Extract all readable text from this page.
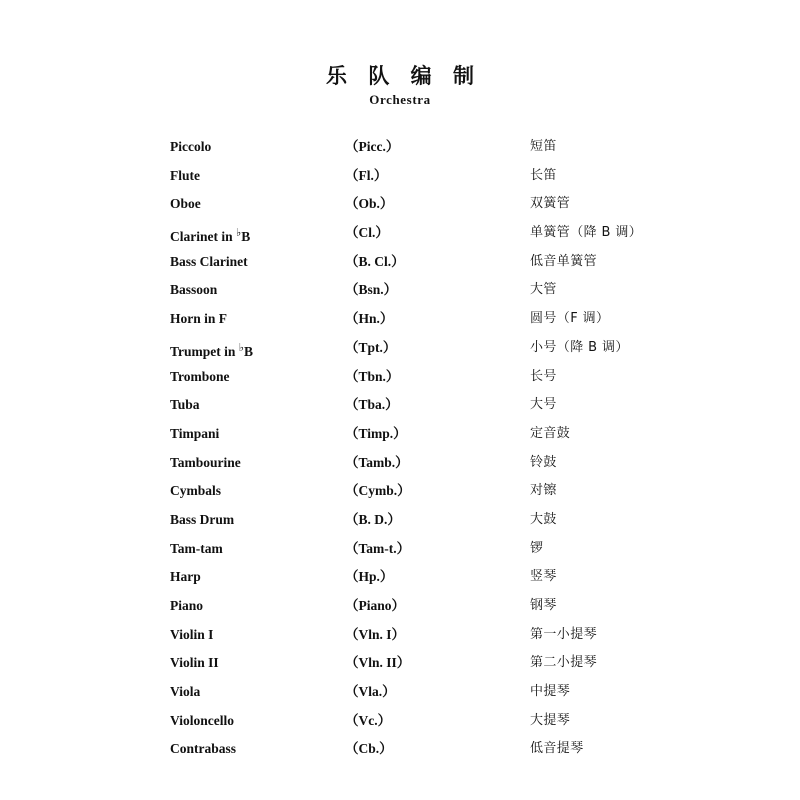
乐 队 编 制
Orchestra
Piccolo	（Picc.）	短笛
Flute	（Fl.）	长笛
Oboe	（Ob.）	双簧管
Clarinet in ♭B	（Cl.）	单簧管（降 B 调）
Bass Clarinet	（B. Cl.）	低音单簧管
Bassoon	（Bsn.）	大管
Horn in F	（Hn.）	圆号（F 调）
Trumpet in ♭B	（Tpt.）	小号（降 B 调）
Trombone	（Tbn.）	长号
Tuba	（Tba.）	大号
Timpani	（Timp.）	定音鼓
Tambourine	（Tamb.）	铃鼓
Cymbals	（Cymb.）	对镲
Bass Drum	（B. D.）	大鼓
Tam-tam	（Tam-t.）	锣
Harp	（Hp.）	竖琴
Piano	（Piano）	钢琴
Violin I	（Vln. I）	第一小提琴
Violin II	（Vln. II）	第二小提琴
Viola	（Vla.）	中提琴
Violoncello	（Vc.）	大提琴
Contrabass	（Cb.）	低音提琴
